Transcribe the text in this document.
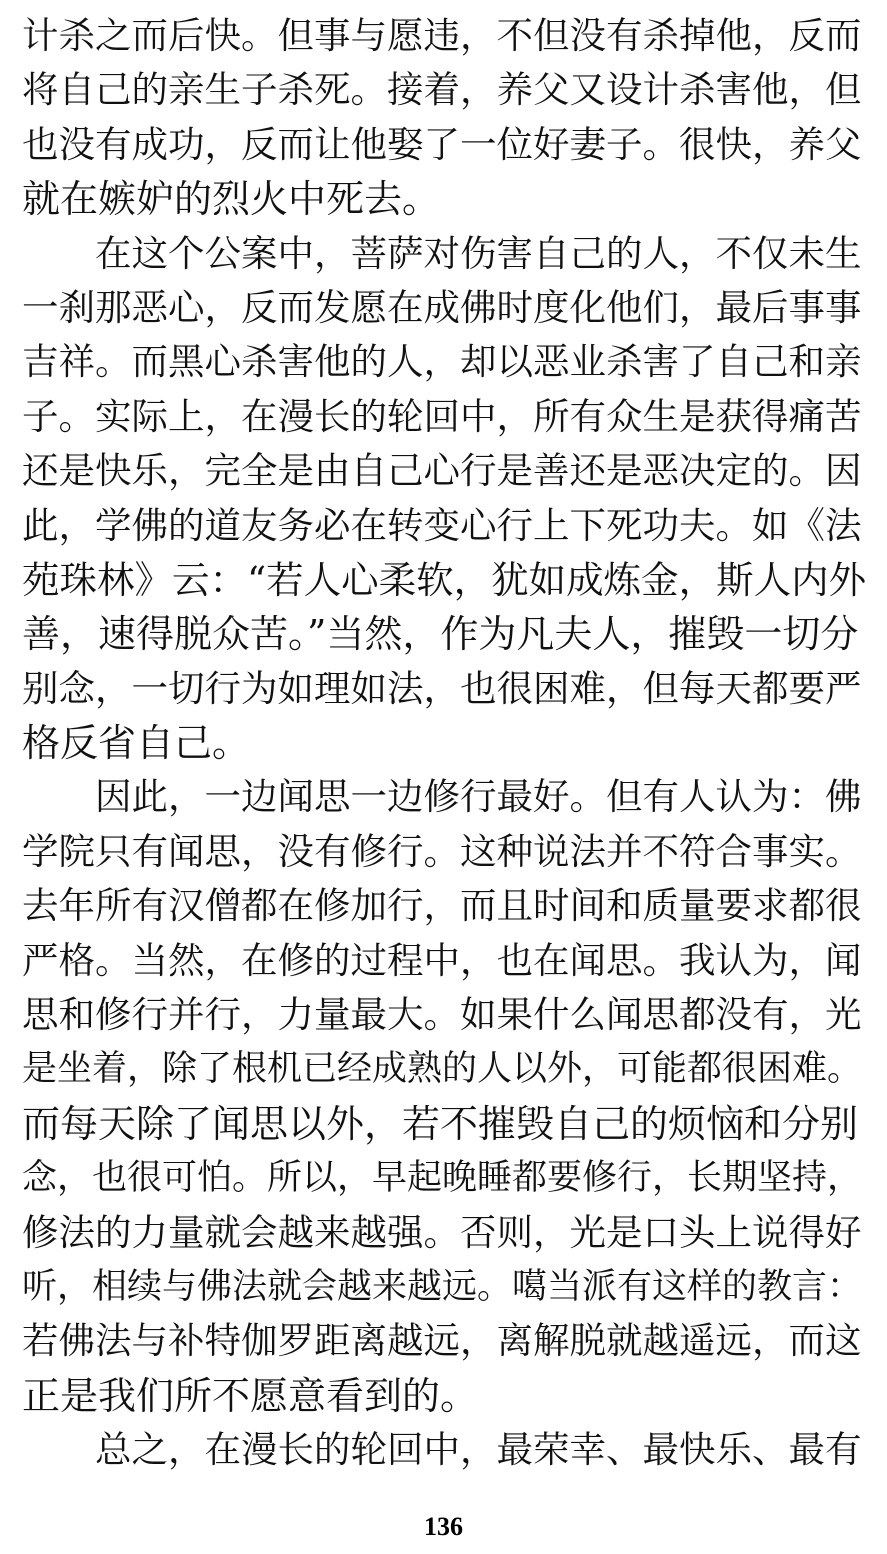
计杀之而后快。但事与愿违，不但没有杀掉他，反而
将自己的亲生子杀死。接着，养父又设计杀害他，但
也没有成功，反而让他娶了一位好妻子。很快，养父
就在嫉妒的烈火中死去。
　　在这个公案中，菩萨对伤害自己的人，不仅未生
一刹那恶心，反而发愿在成佛时度化他们，最后事事
吉祥。而黑心杀害他的人，却以恶业杀害了自己和亲
子。实际上，在漫长的轮回中，所有众生是获得痛苦
还是快乐，完全是由自己心行是善还是恶决定的。因
此，学佛的道友务必在转变心行上下死功夫。如《法
苑珠林》云：“若人心柔软，犹如成炼金，斯人内外
善，速得脱众苦。”当然，作为凡夫人，摧毁一切分
别念，一切行为如理如法，也很困难，但每天都要严
格反省自己。
　　因此，一边闻思一边修行最好。但有人认为：佛
学院只有闻思，没有修行。这种说法并不符合事实。
去年所有汉僧都在修加行，而且时间和质量要求都很
严格。当然，在修的过程中，也在闻思。我认为，闻
思和修行并行，力量最大。如果什么闻思都没有，光
是坐着，除了根机已经成熟的人以外，可能都很困难。
而每天除了闻思以外，若不摧毁自己的烦恼和分别
念，也很可怕。所以，早起晚睡都要修行，长期坚持，
修法的力量就会越来越强。否则，光是口头上说得好
听，相续与佛法就会越来越远。噶当派有这样的教言：
若佛法与补特伽罗距离越远，离解脱就越遥远，而这
正是我们所不愿意看到的。
　　总之，在漫长的轮回中，最荣幸、最快乐、最有
136
